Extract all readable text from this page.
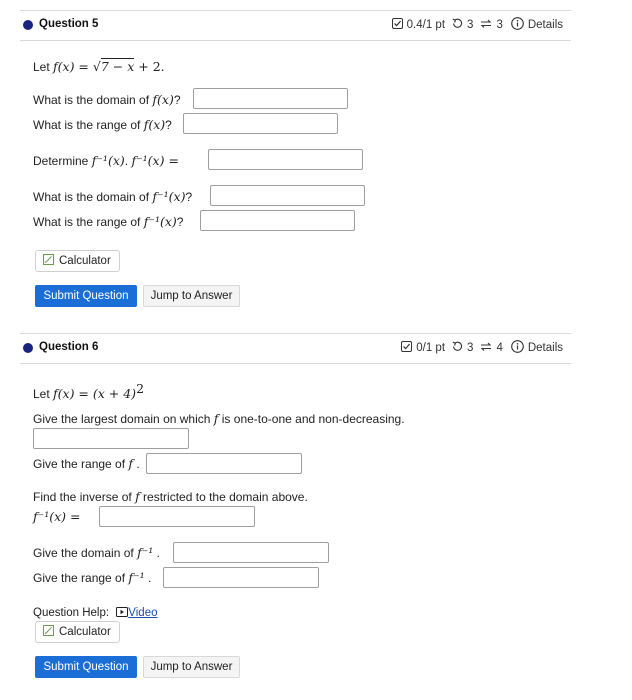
Question 5	0.4/1 pt 3 3 Details
Let f(x) = √7 − x + 2.
What is the domain of f(x)?
What is the range of f(x)?
Determine f⁻¹(x). f⁻¹(x) =
What is the domain of f⁻¹(x)?
What is the range of f⁻¹(x)?
Calculator
Submit Question	Jump to Answer
Question 6	0/1 pt 3 4 Details
Let $f(x) = (x + 4)^2$
Give the largest domain on which f is one-to-one and non-decreasing.
Give the range of f .
Find the inverse of f restricted to the domain above.
f⁻¹(x) =
Give the domain of f⁻¹ .
Give the range of f⁻¹ .
Question Help: Video
Calculator
Submit Question	Jump to Answer
